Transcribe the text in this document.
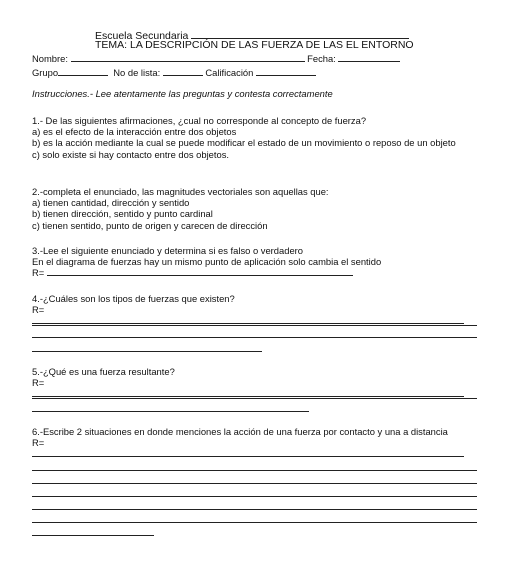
Escuela Secundaria
TEMA: LA DESCRIPCIÓN DE LAS FUERZA DE LAS EL ENTORNO
Nombre:	Fecha:
Grupo	No de lista:	Calificación
Instrucciones.- Lee atentamente las preguntas y contesta correctamente
1.- De las siguientes afirmaciones, ¿cual no corresponde al concepto de fuerza?
a) es el efecto de la interacción entre dos objetos
b) es la acción mediante la cual se puede modificar el estado de un movimiento o reposo de un objeto
c) solo existe si hay contacto entre dos objetos.
2.-completa el enunciado, las magnitudes vectoriales son aquellas que:
a) tienen cantidad, dirección y sentido
b) tienen dirección, sentido y punto cardinal
c) tienen sentido, punto de origen y carecen de dirección
3.-Lee el siguiente enunciado y determina si es falso o verdadero
En el diagrama de fuerzas hay un mismo punto de aplicación solo cambia el sentido
R=
4.-¿Cuáles son los tipos de fuerzas que existen?
R=
5.-¿Qué es una fuerza resultante?
R=
6.-Escribe 2 situaciones en donde menciones la acción de una fuerza por contacto y una a distancia
R=
